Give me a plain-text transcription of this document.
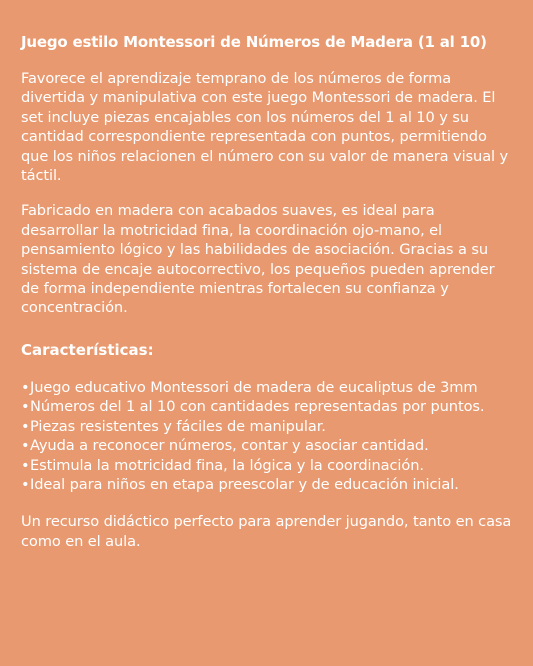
Juego estilo Montessori de Números de Madera (1 al 10)

Favorece el aprendizaje temprano de los números de forma divertida y manipulativa con este juego Montessori de madera. El set incluye piezas encajables con los números del 1 al 10 y su cantidad correspondiente representada con puntos, permitiendo que los niños relacionen el número con su valor de manera visual y táctil.

Fabricado en madera con acabados suaves, es ideal para desarrollar la motricidad fina, la coordinación ojo-mano, el pensamiento lógico y las habilidades de asociación. Gracias a su sistema de encaje autocorrectivo, los pequeños pueden aprender de forma independiente mientras fortalecen su confianza y concentración.

Características:
• Juego educativo Montessori de madera de eucaliptus de 3mm
• Números del 1 al 10 con cantidades representadas por puntos.
• Piezas resistentes y fáciles de manipular.
• Ayuda a reconocer números, contar y asociar cantidad.
• Estimula la motricidad fina, la lógica y la coordinación.
• Ideal para niños en etapa preescolar y de educación inicial.

Un recurso didáctico perfecto para aprender jugando, tanto en casa como en el aula.
